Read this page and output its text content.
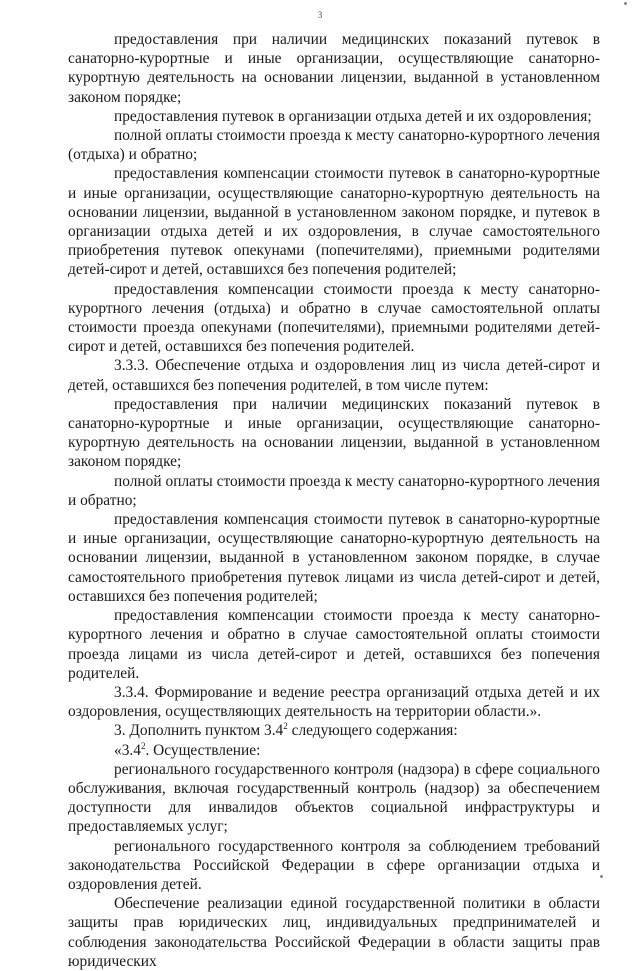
3

предоставления при наличии медицинских показаний путевок в санаторно-курортные и иные организации, осуществляющие санаторно-курортную деятельность на основании лицензии, выданной в установленном законом порядке;

предоставления путевок в организации отдыха детей и их оздоровления;

полной оплаты стоимости проезда к месту санаторно-курортного лечения (отдыха) и обратно;

предоставления компенсации стоимости путевок в санаторно-курортные и иные организации, осуществляющие санаторно-курортную деятельность на основании лицензии, выданной в установленном законом порядке, и путевок в организации отдыха детей и их оздоровления, в случае самостоятельного приобретения путевок опекунами (попечителями), приемными родителями детей-сирот и детей, оставшихся без попечения родителей;

предоставления компенсации стоимости проезда к месту санаторно-курортного лечения (отдыха) и обратно в случае самостоятельной оплаты стоимости проезда опекунами (попечителями), приемными родителями детей-сирот и детей, оставшихся без попечения родителей.

3.3.3. Обеспечение отдыха и оздоровления лиц из числа детей-сирот и детей, оставшихся без попечения родителей, в том числе путем:

предоставления при наличии медицинских показаний путевок в санаторно-курортные и иные организации, осуществляющие санаторно-курортную деятельность на основании лицензии, выданной в установленном законом порядке;

полной оплаты стоимости проезда к месту санаторно-курортного лечения и обратно;

предоставления компенсация стоимости путевок в санаторно-курортные и иные организации, осуществляющие санаторно-курортную деятельность на основании лицензии, выданной в установленном законом порядке, в случае самостоятельного приобретения путевок лицами из числа детей-сирот и детей, оставшихся без попечения родителей;

предоставления компенсации стоимости проезда к месту санаторно-курортного лечения и обратно в случае самостоятельной оплаты стоимости проезда лицами из числа детей-сирот и детей, оставшихся без попечения родителей.

3.3.4. Формирование и ведение реестра организаций отдыха детей и их оздоровления, осуществляющих деятельность на территории области.».

3. Дополнить пунктом $3.4^2$ следующего содержания:

«$3.4^2$. Осуществление:

регионального государственного контроля (надзора) в сфере социального обслуживания, включая государственный контроль (надзор) за обеспечением доступности для инвалидов объектов социальной инфраструктуры и предоставляемых услуг;

регионального государственного контроля за соблюдением требований законодательства Российской Федерации в сфере организации отдыха и оздоровления детей.

Обеспечение реализации единой государственной политики в области защиты прав юридических лиц, индивидуальных предпринимателей и соблюдения законодательства Российской Федерации в области защиты прав юридических
